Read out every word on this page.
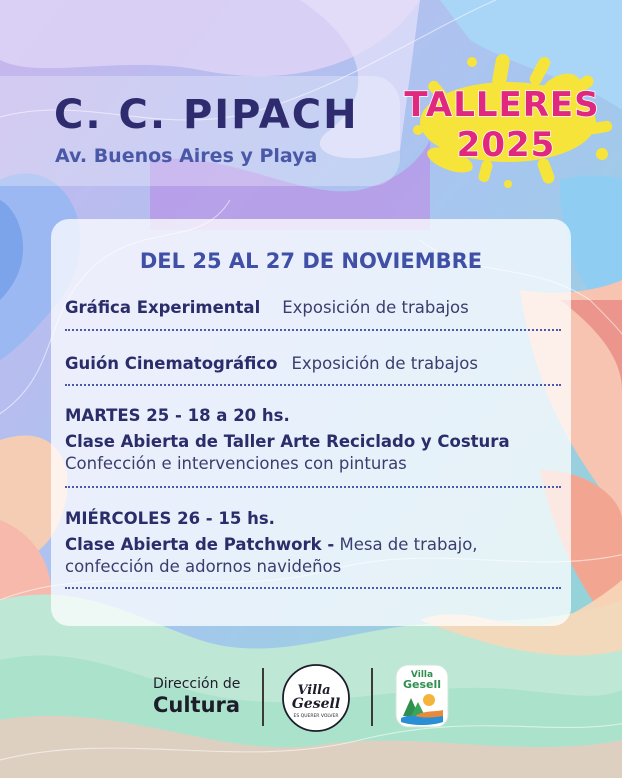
C. C. PIPACH
Av. Buenos Aires y Playa
TALLERES
2025
DEL 25 AL 27 DE NOVIEMBRE
Gráfica Experimental Exposición de trabajos
Guión Cinematográfico Exposición de trabajos
MARTES 25 - 18 a 20 hs.
Clase Abierta de Taller Arte Reciclado y Costura
Confección e intervenciones con pinturas
MIÉRCOLES 26 - 15 hs.
Clase Abierta de Patchwork - Mesa de trabajo,
confección de adornos navideños
Dirección de
Cultura
Villa
Gesell
ES QUERER VOLVER
Villa
Gesell
